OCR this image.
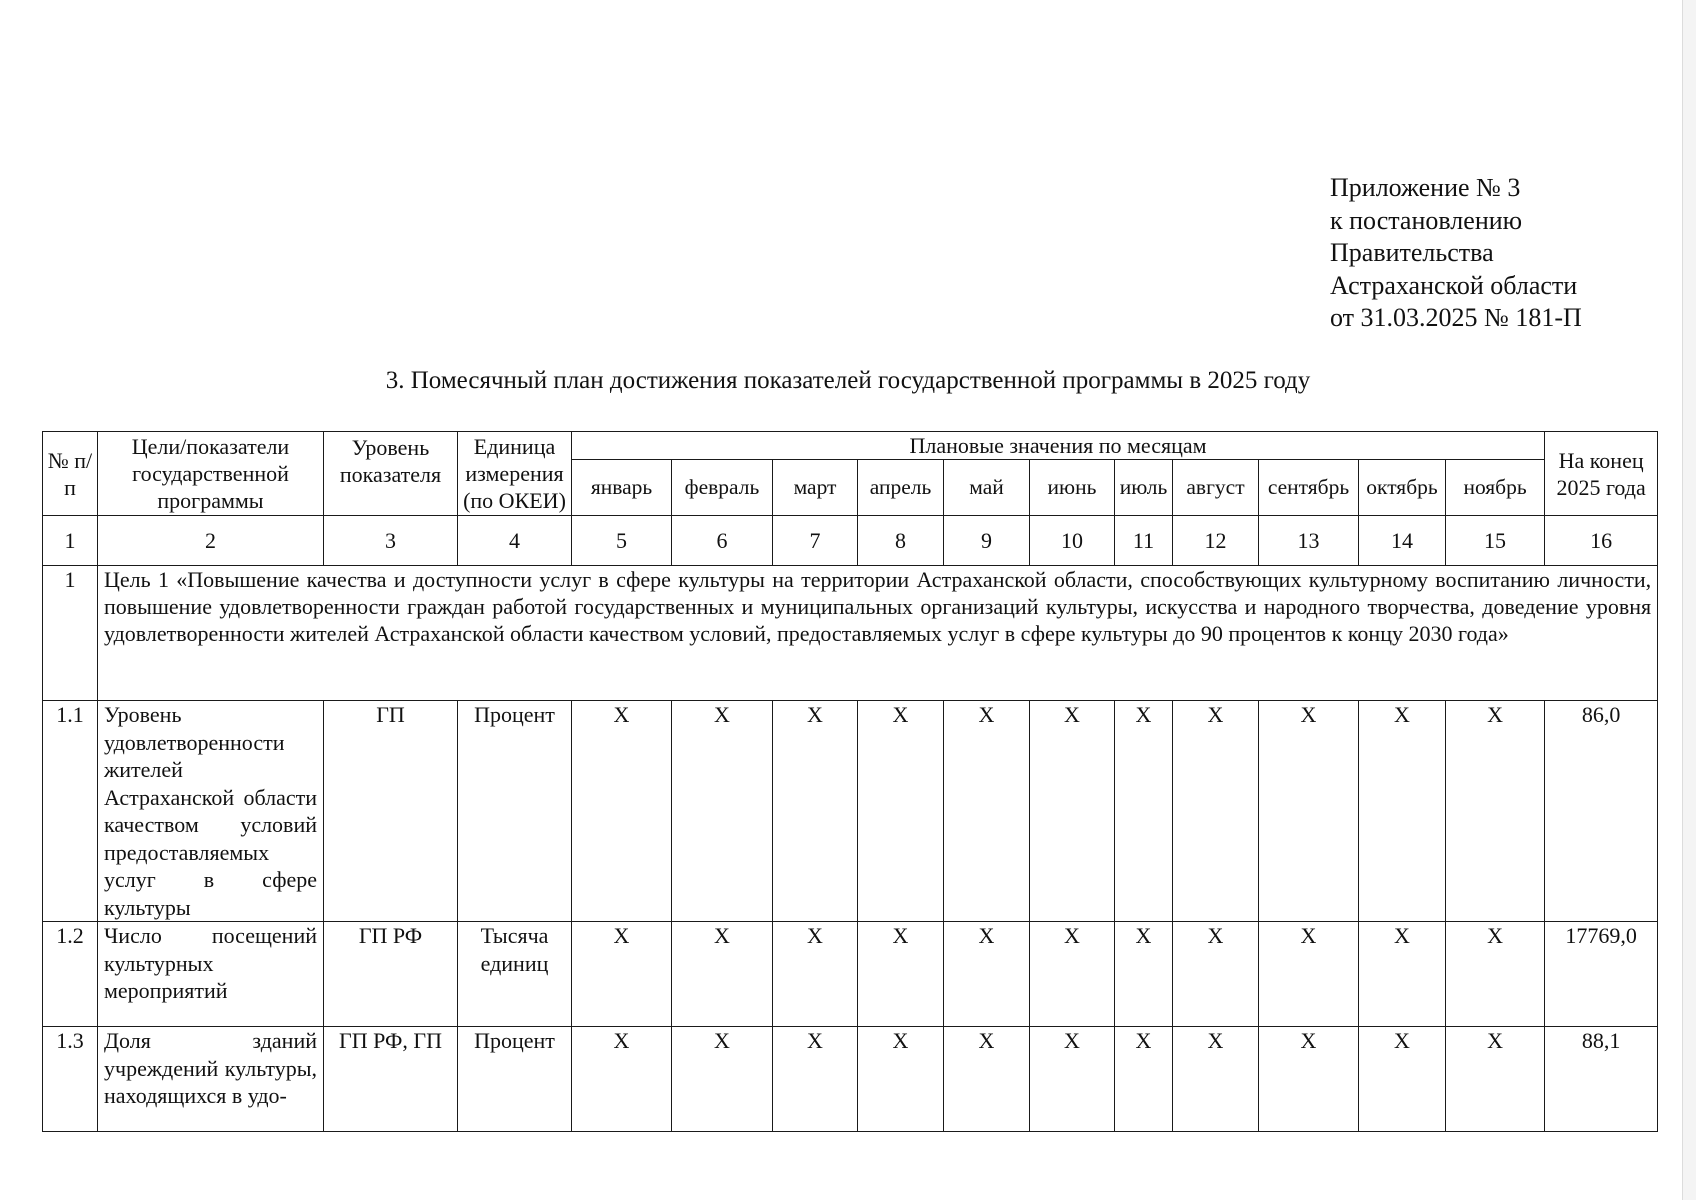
Приложение № 3
к постановлению
Правительства
Астраханской области
от 31.03.2025 № 181-П
3. Помесячный план достижения показателей государственной программы в 2025 году
№ п/п	Цели/показатели государственной программы	Уровень показателя	Единица измерения (по ОКЕИ)	Плановые значения по месяцам											На конец 2025 года
				январь	февраль	март	апрель	май	июнь	июль	август	сентябрь	октябрь	ноябрь	
1	2	3	4	5	6	7	8	9	10	11	12	13	14	15	16
1	Цель 1 «Повышение качества и доступности услуг в сфере культуры на территории Астраханской области, способствующих культурному воспитанию личности, повышение удовлетворенности граждан работой государственных и муниципальных организаций культуры, искусства и народного творчества, доведение уровня удовлетворенности жителей Астраханской области качеством условий, предоставляемых услуг в сфере культуры до 90 процентов к концу 2030 года»														
1.1	Уровень удовлетворенности жителей Астраханской области качеством условий предоставляемых услуг в сфере культуры	ГП	Процент	X	X	X	X	X	X	X	X	X	X	X	86,0
1.2	Число посещений культурных мероприятий	ГП РФ	Тысяча единиц	X	X	X	X	X	X	X	X	X	X	X	17769,0
1.3	Доля зданий учреждений культуры, находящихся в удо-	ГП РФ, ГП	Процент	X	X	X	X	X	X	X	X	X	X	X	88,1
